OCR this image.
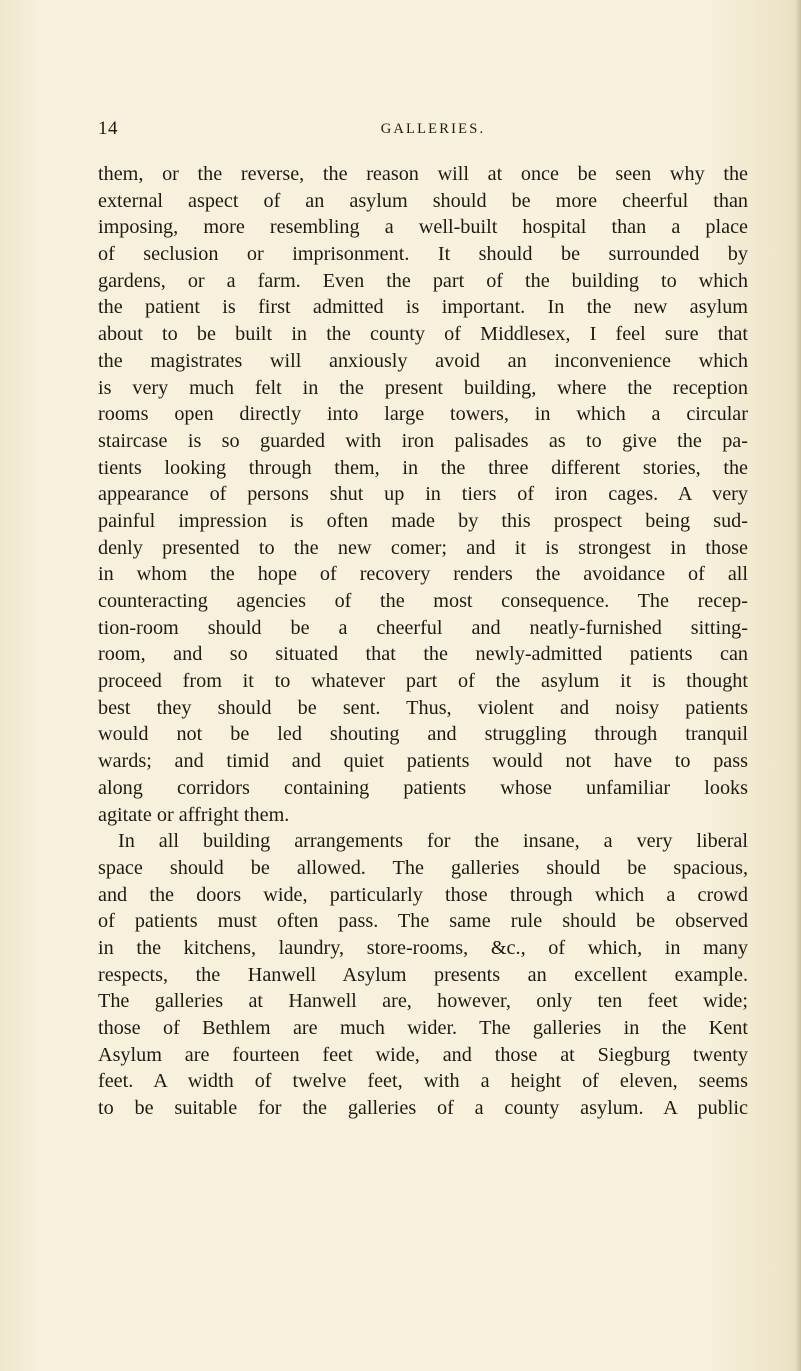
14	GALLERIES.
them, or the reverse, the reason will at once be seen why the
external aspect of an asylum should be more cheerful than
imposing, more resembling a well-built hospital than a place
of seclusion or imprisonment. It should be surrounded by
gardens, or a farm. Even the part of the building to which
the patient is first admitted is important. In the new asylum
about to be built in the county of Middlesex, I feel sure that
the magistrates will anxiously avoid an inconvenience which
is very much felt in the present building, where the reception
rooms open directly into large towers, in which a circular
staircase is so guarded with iron palisades as to give the pa-
tients looking through them, in the three different stories, the
appearance of persons shut up in tiers of iron cages. A very
painful impression is often made by this prospect being sud-
denly presented to the new comer; and it is strongest in those
in whom the hope of recovery renders the avoidance of all
counteracting agencies of the most consequence. The recep-
tion-room should be a cheerful and neatly-furnished sitting-
room, and so situated that the newly-admitted patients can
proceed from it to whatever part of the asylum it is thought
best they should be sent. Thus, violent and noisy patients
would not be led shouting and struggling through tranquil
wards; and timid and quiet patients would not have to pass
along corridors containing patients whose unfamiliar looks
agitate or affright them.
In all building arrangements for the insane, a very liberal
space should be allowed. The galleries should be spacious,
and the doors wide, particularly those through which a crowd
of patients must often pass. The same rule should be observed
in the kitchens, laundry, store-rooms, &c., of which, in many
respects, the Hanwell Asylum presents an excellent example.
The galleries at Hanwell are, however, only ten feet wide;
those of Bethlem are much wider. The galleries in the Kent
Asylum are fourteen feet wide, and those at Siegburg twenty
feet. A width of twelve feet, with a height of eleven, seems
to be suitable for the galleries of a county asylum. A public
